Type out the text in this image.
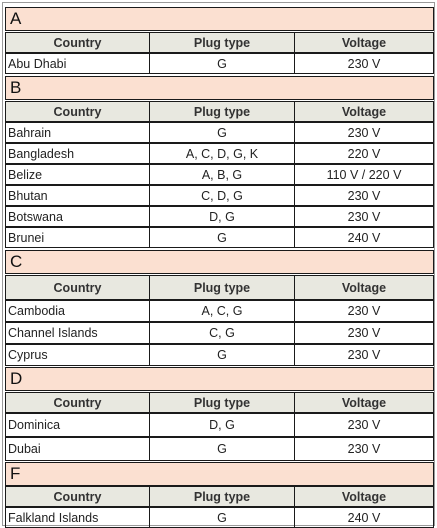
A
Country	Plug type	Voltage
Abu Dhabi	G	230 V
B
Country	Plug type	Voltage
Bahrain	G	230 V
Bangladesh	A, C, D, G, K	220 V
Belize	A, B, G	110 V / 220 V
Bhutan	C, D, G	230 V
Botswana	D, G	230 V
Brunei	G	240 V
C
Country	Plug type	Voltage
Cambodia	A, C, G	230 V
Channel Islands	C, G	230 V
Cyprus	G	230 V
D
Country	Plug type	Voltage
Dominica	D, G	230 V
Dubai	G	230 V
F
Country	Plug type	Voltage
Falkland Islands	G	240 V
